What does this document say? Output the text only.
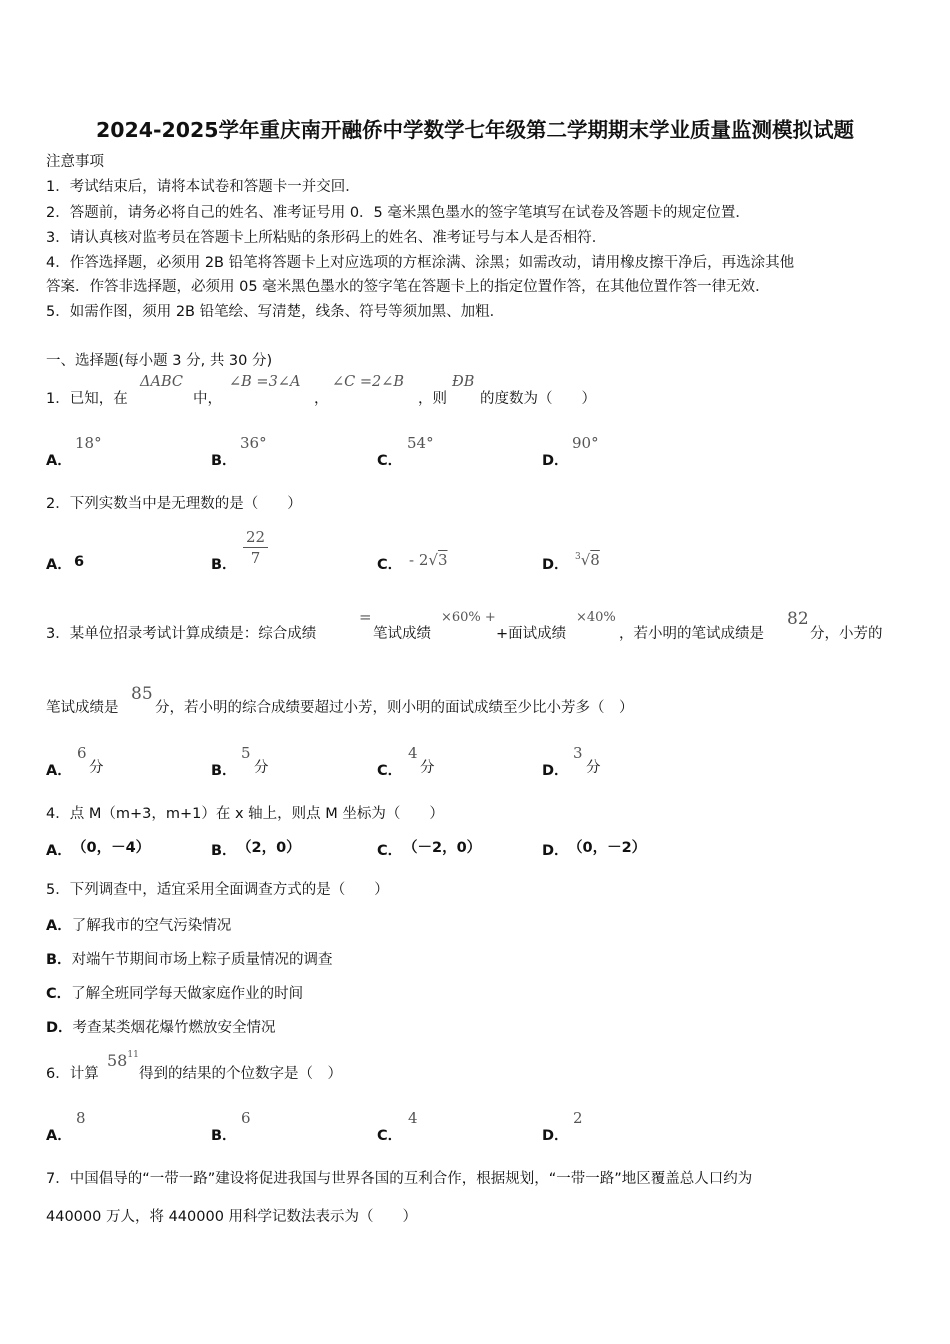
2024-2025学年重庆南开融侨中学数学七年级第二学期期末学业质量监测模拟试题
注意事项
1．考试结束后，请将本试卷和答题卡一并交回．
2．答题前，请务必将自己的姓名、准考证号用 0．5 毫米黑色墨水的签字笔填写在试卷及答题卡的规定位置．
3．请认真核对监考员在答题卡上所粘贴的条形码上的姓名、准考证号与本人是否相符．
4．作答选择题，必须用 2B 铅笔将答题卡上对应选项的方框涂满、涂黑；如需改动，请用橡皮擦干净后，再选涂其他
答案．作答非选择题，必须用 05 毫米黑色墨水的签字笔在答题卡上的指定位置作答，在其他位置作答一律无效．
5．如需作图，须用 2B 铅笔绘、写清楚，线条、符号等须加黑、加粗．
一、选择题(每小题 3 分, 共 30 分)
1．已知，在
ΔABC
中，
∠B =3∠A
，
∠C =2∠B
，则
ÐB
的度数为（　　）
A．
18°
B．
36°
C．
54°
D．
90°
2．下列实数当中是无理数的是（　　）
A． 6	B． $\frac{22}{7}$	C． - 2√3	D． $^3$√8
3．某单位招录考试计算成绩是：综合成绩
=
笔试成绩
×60% +
+面试成绩
×40%
，若小明的笔试成绩是
82
分，小芳的
笔试成绩是
85
分，若小明的综合成绩要超过小芳，则小明的面试成绩至少比小芳多（　）
A．
6
分	B．
5
分	C．
4
分	D．
3
分
4．点 M（m+3，m+1）在 x 轴上，则点 M 坐标为（　　）
A． （0，－4）	B． （2，0）	C． （－2，0）	D． （0，－2）
5．下列调查中，适宜采用全面调查方式的是（　　）
A．了解我市的空气污染情况
B．对端午节期间市场上粽子质量情况的调查
C．了解全班同学每天做家庭作业的时间
D．考查某类烟花爆竹燃放安全情况
6．计算
$58^{11}$
得到的结果的个位数字是（　）
A．
8
B．
6
C．
4
D．
2
7．中国倡导的“一带一路”建设将促进我国与世界各国的互利合作，根据规划，“一带一路”地区覆盖总人口约为
440000 万人，将 440000 用科学记数法表示为（　　）
